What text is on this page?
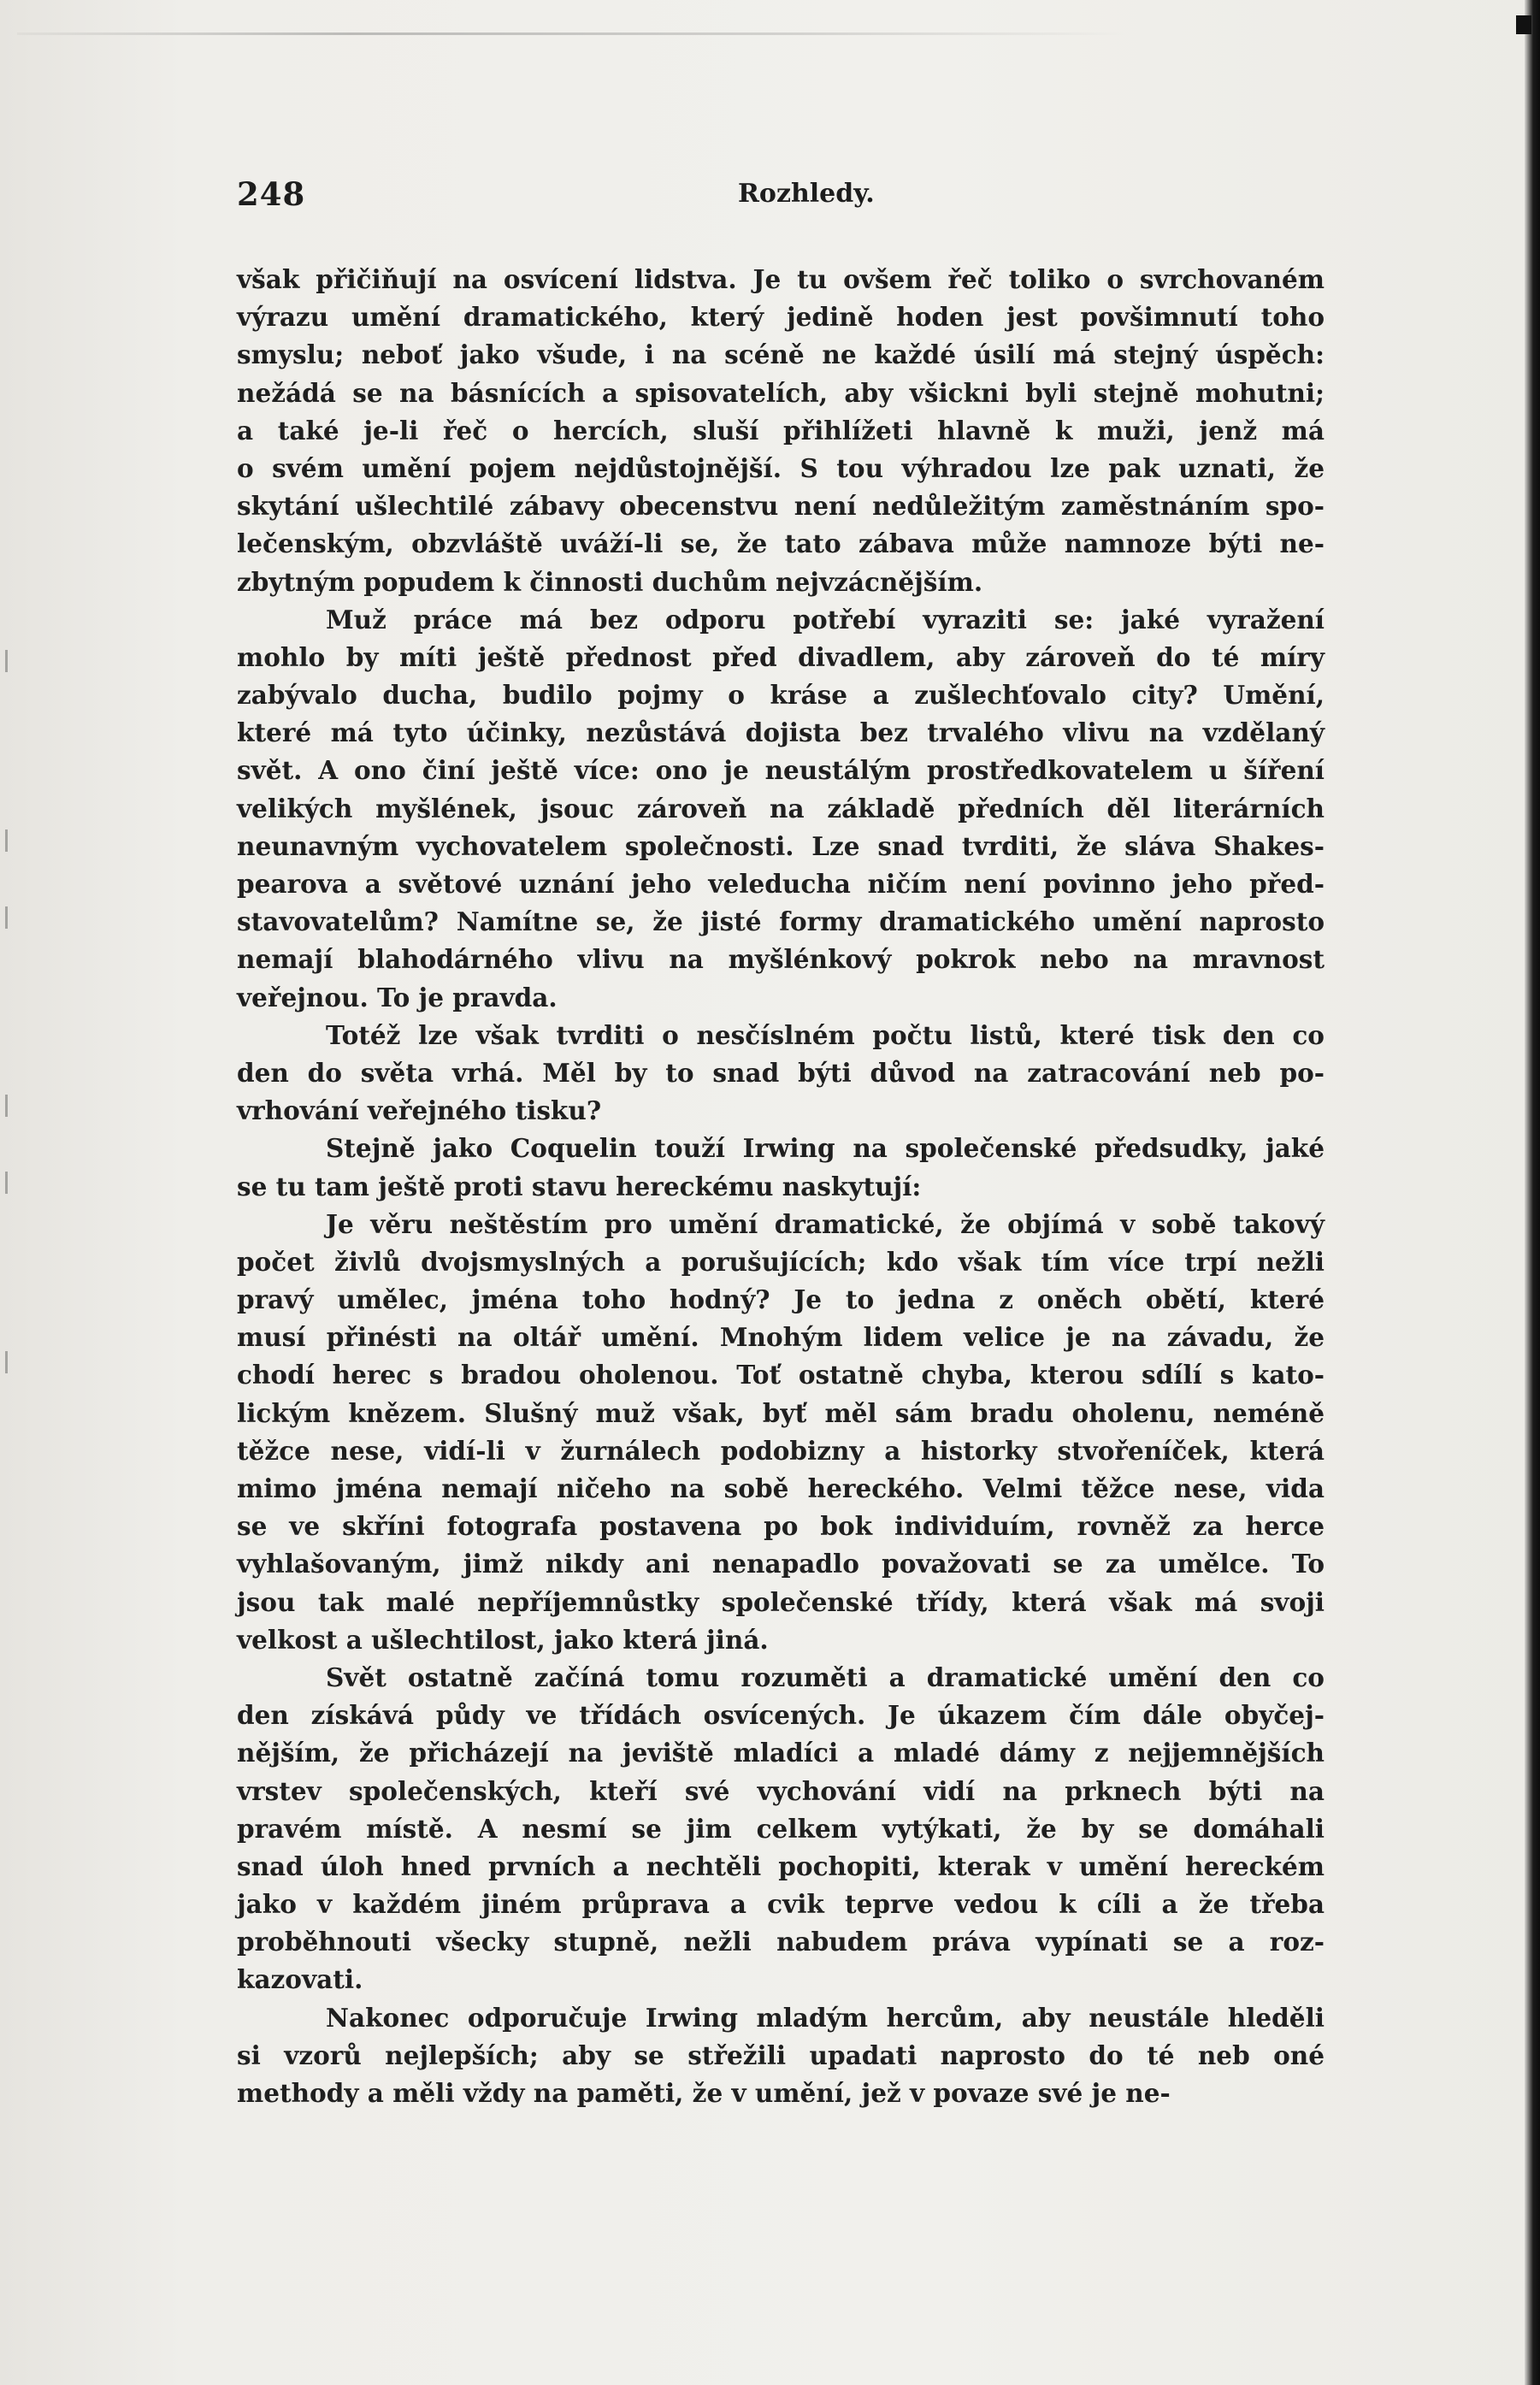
248	Rozhledy.
však přičiňují na osvícení lidstva. Je tu ovšem řeč toliko o svrchovaném
výrazu umění dramatického, který jedině hoden jest povšimnutí toho
smyslu; neboť jako všude, i na scéně ne každé úsilí má stejný úspěch:
nežádá se na básnících a spisovatelích, aby všickni byli stejně mohutni;
a také je-li řeč o hercích, sluší přihlížeti hlavně k muži, jenž má
o svém umění pojem nejdůstojnější. S tou výhradou lze pak uznati, že
skytání ušlechtilé zábavy obecenstvu není nedůležitým zaměstnáním spo-
lečenským, obzvláště uváží-li se, že tato zábava může namnoze býti ne-
zbytným popudem k činnosti duchům nejvzácnějším.
Muž práce má bez odporu potřebí vyraziti se: jaké vyražení
mohlo by míti ještě přednost před divadlem, aby zároveň do té míry
zabývalo ducha, budilo pojmy o kráse a zušlechťovalo city? Umění,
které má tyto účinky, nezůstává dojista bez trvalého vlivu na vzdělaný
svět. A ono činí ještě více: ono je neustálým prostředkovatelem u šíření
velikých myšlének, jsouc zároveň na základě předních děl literárních
neunavným vychovatelem společnosti. Lze snad tvrditi, že sláva Shakes-
pearova a světové uznání jeho veleducha ničím není povinno jeho před-
stavovatelům? Namítne se, že jisté formy dramatického umění naprosto
nemají blahodárného vlivu na myšlénkový pokrok nebo na mravnost
veřejnou. To je pravda.
Totéž lze však tvrditi o nesčíslném počtu listů, které tisk den co
den do světa vrhá. Měl by to snad býti důvod na zatracování neb po-
vrhování veřejného tisku?
Stejně jako Coquelin touží Irwing na společenské předsudky, jaké
se tu tam ještě proti stavu hereckému naskytují:
Je věru neštěstím pro umění dramatické, že objímá v sobě takový
počet živlů dvojsmyslných a porušujících; kdo však tím více trpí nežli
pravý umělec, jména toho hodný? Je to jedna z oněch obětí, které
musí přinésti na oltář umění. Mnohým lidem velice je na závadu, že
chodí herec s bradou oholenou. Toť ostatně chyba, kterou sdílí s kato-
lickým knězem. Slušný muž však, byť měl sám bradu oholenu, neméně
těžce nese, vidí-li v žurnálech podobizny a historky stvořeníček, která
mimo jména nemají ničeho na sobě hereckého. Velmi těžce nese, vida
se ve skříni fotografa postavena po bok individuím, rovněž za herce
vyhlašovaným, jimž nikdy ani nenapadlo považovati se za umělce. To
jsou tak malé nepříjemnůstky společenské třídy, která však má svoji
velkost a ušlechtilost, jako která jiná.
Svět ostatně začíná tomu rozuměti a dramatické umění den co
den získává půdy ve třídách osvícených. Je úkazem čím dále obyčej-
nějším, že přicházejí na jeviště mladíci a mladé dámy z nejjemnějších
vrstev společenských, kteří své vychování vidí na prknech býti na
pravém místě. A nesmí se jim celkem vytýkati, že by se domáhali
snad úloh hned prvních a nechtěli pochopiti, kterak v umění hereckém
jako v každém jiném průprava a cvik teprve vedou k cíli a že třeba
proběhnouti všecky stupně, nežli nabudem práva vypínati se a roz-
kazovati.
Nakonec odporučuje Irwing mladým hercům, aby neustále hleděli
si vzorů nejlepších; aby se střežili upadati naprosto do té neb oné
methody a měli vždy na paměti, že v umění, jež v povaze své je ne-
